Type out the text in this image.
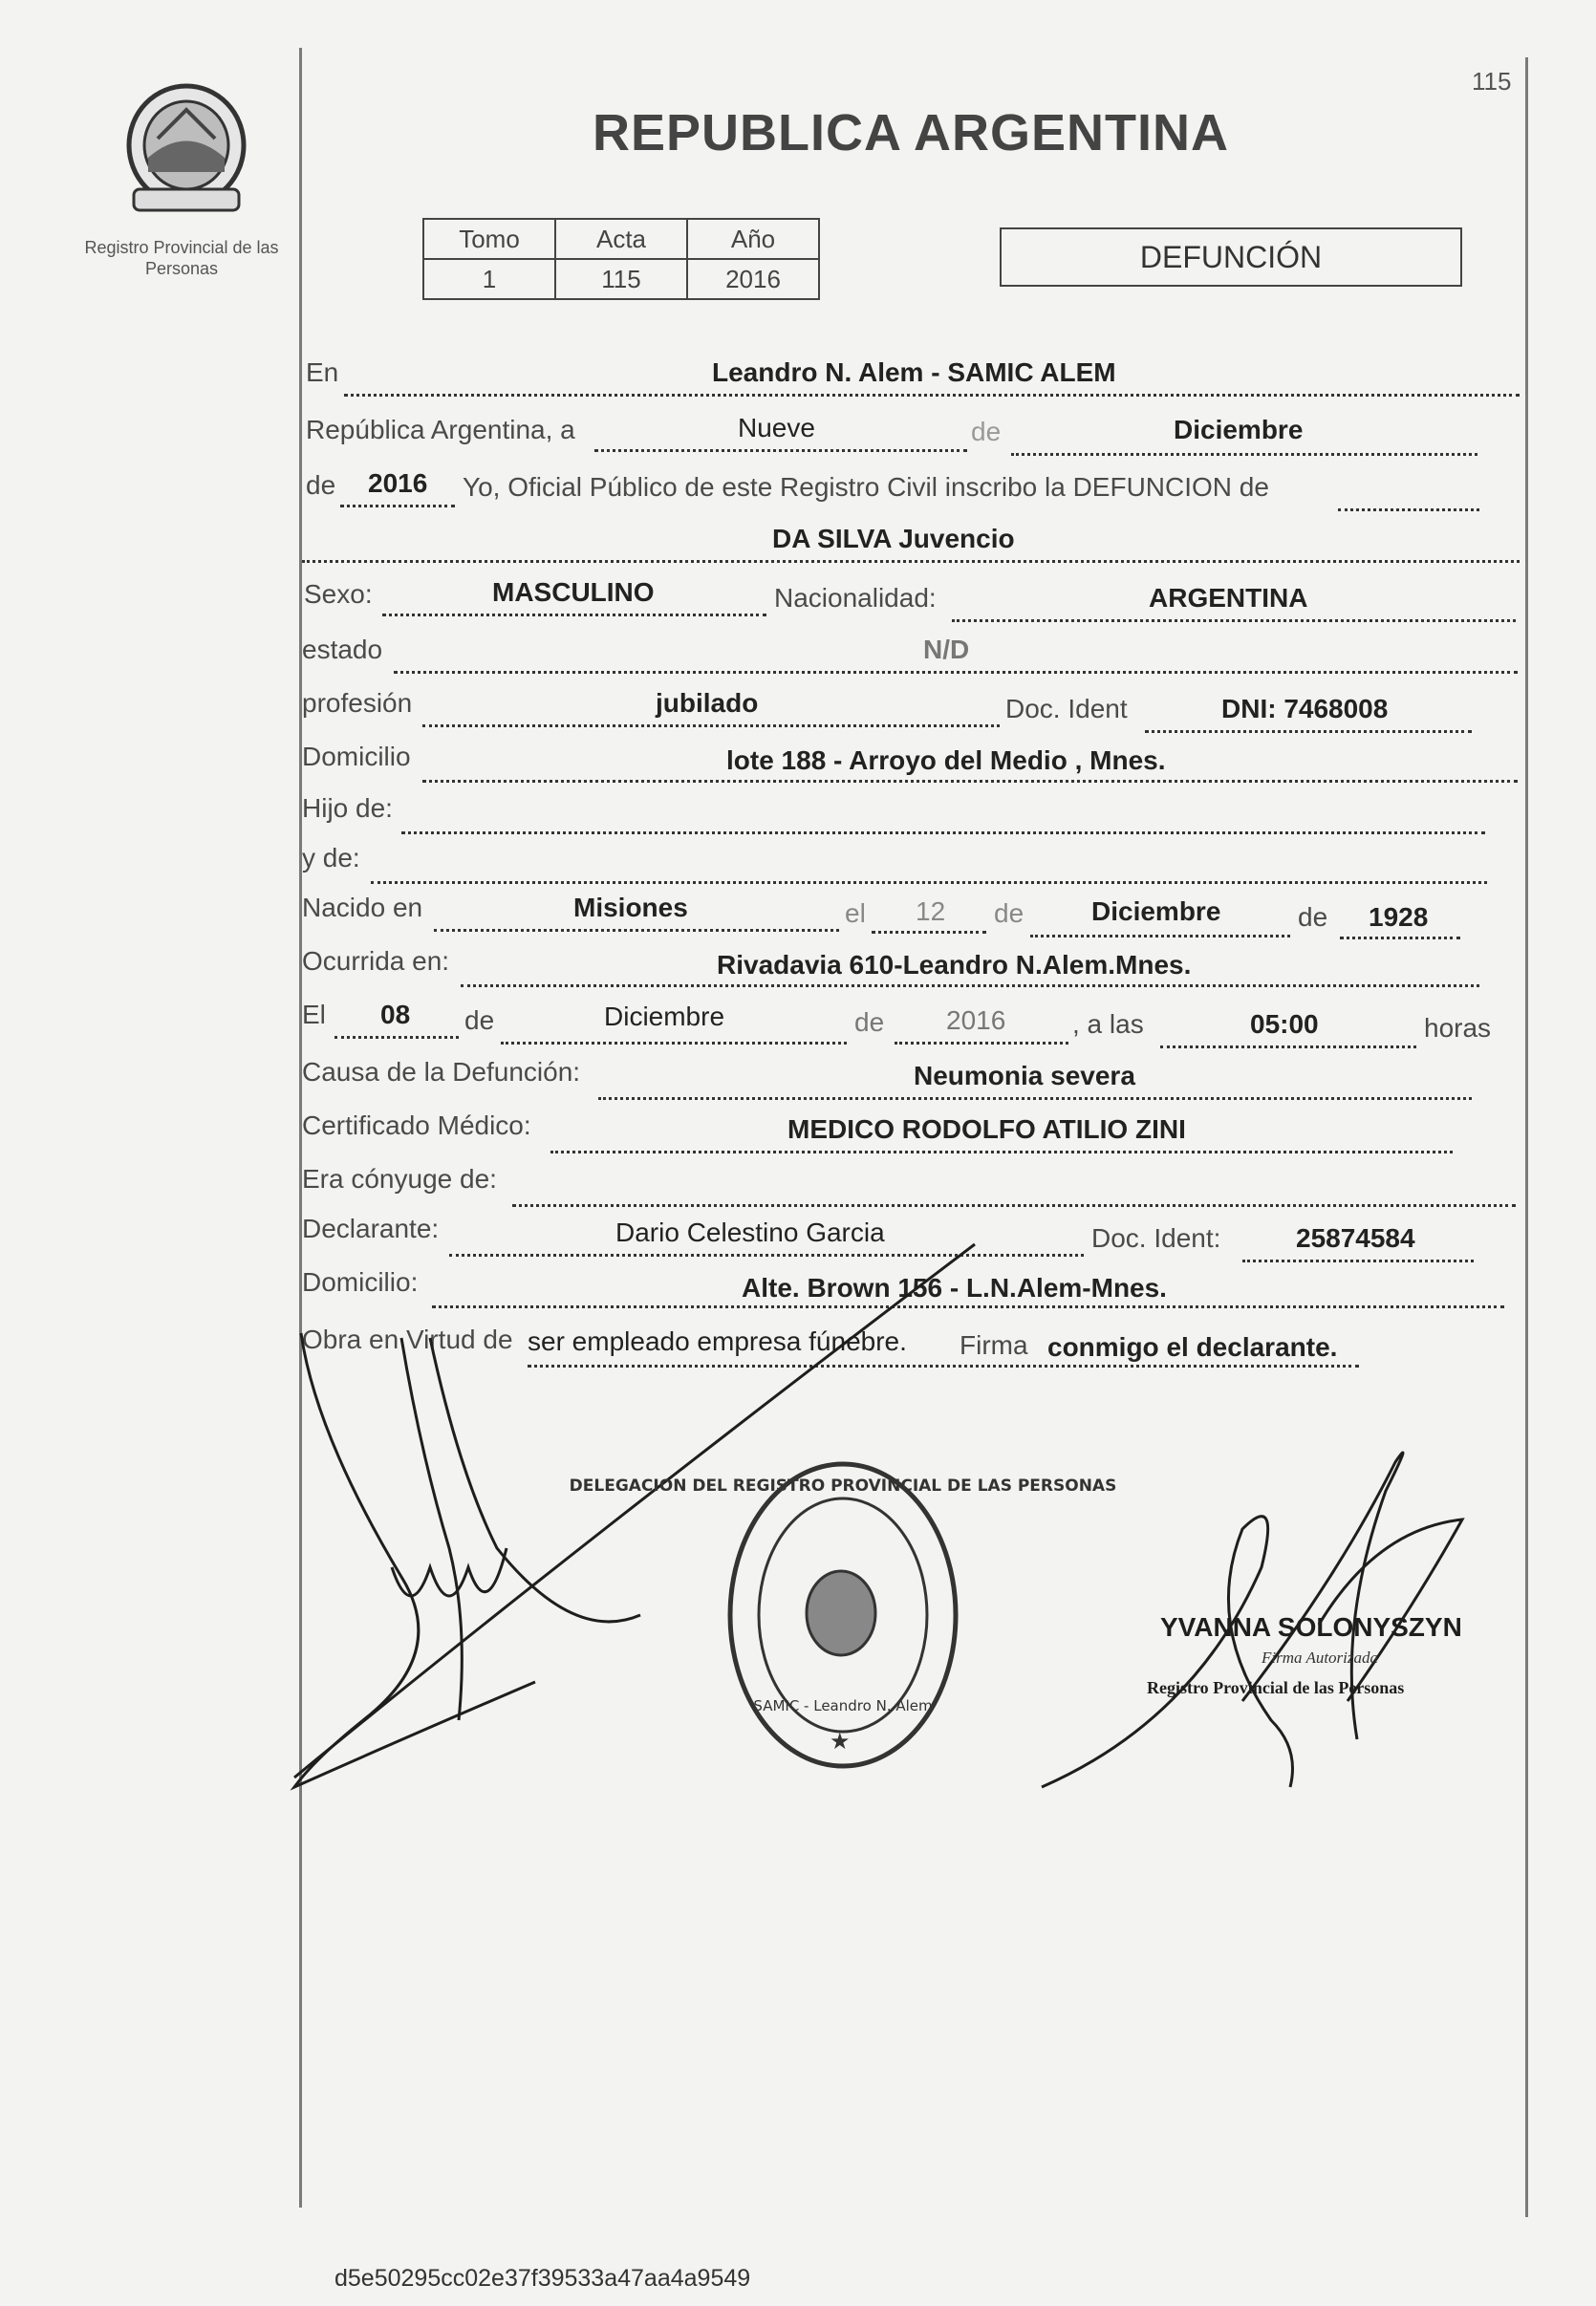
115
Registro Provincial de las Personas
REPUBLICA ARGENTINA
Tomo	Acta	Año
1	115	2016
DEFUNCIÓN
En	Leandro N. Alem - SAMIC ALEM
República Argentina, a	Nueve	de	Diciembre
de 2016 Yo, Oficial Público de este Registro Civil inscribo la DEFUNCION de
DA SILVA Juvencio
Sexo:	MASCULINO	Nacionalidad:	ARGENTINA
estado	N/D
profesión	jubilado	Doc. Ident	DNI: 7468008
Domicilio	lote 188 - Arroyo del Medio , Mnes.
Hijo de:
y de:
Nacido en	Misiones	el 12 de	Diciembre	de 1928
Ocurrida en:	Rivadavia 610-Leandro N.Alem.Mnes.
El 08 de	Diciembre	de 2016 , a las	05:00	horas
Causa de la Defunción:	Neumonia severa
Certificado Médico:	MEDICO RODOLFO ATILIO ZINI
Era cónyuge de:
Declarante:	Dario Celestino Garcia	Doc. Ident:	25874584
Domicilio:	Alte. Brown 156 - L.N.Alem-Mnes.
Obra en Virtud de ser empleado empresa fúnebre. Firma conmigo el declarante.
DELEGACION DEL REGISTRO PROVINCIAL DE LAS PERSONAS
SAMIC - Leandro N. Alem
★
YVANNA SOLONYSZYN
Firma Autorizada
Registro Provincial de las Personas
d5e50295cc02e37f39533a47aa4a9549
